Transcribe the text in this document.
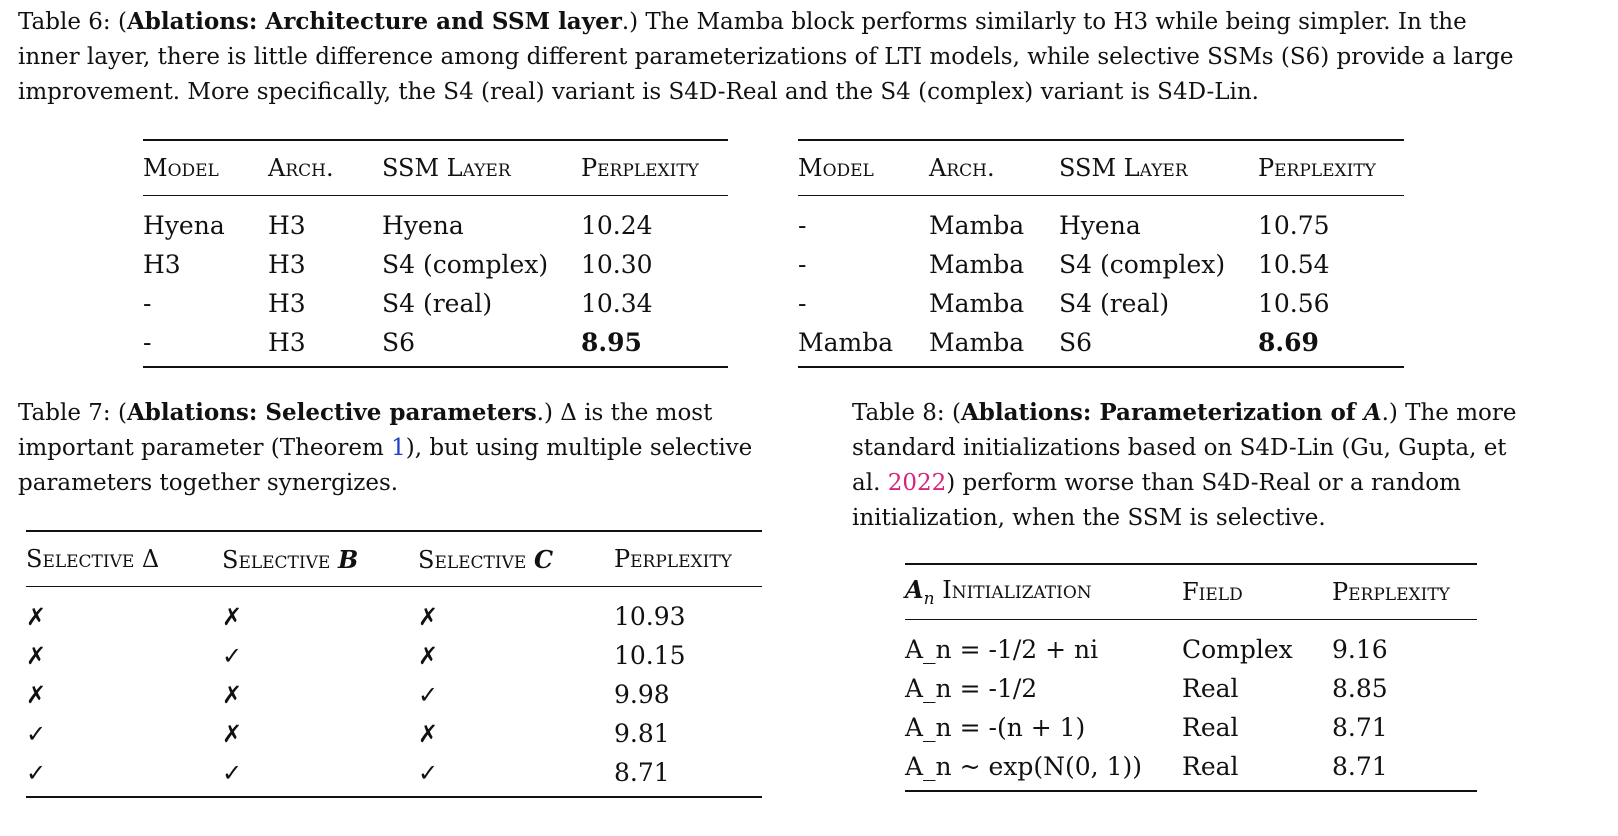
Table 6: (Ablations: Architecture and SSM layer.) The Mamba block performs similarly to H3 while being simpler. In the inner layer, there is little difference among different parameterizations of LTI models, while selective SSMs (S6) provide a large improvement. More specifically, the S4 (real) variant is S4D-Real and the S4 (complex) variant is S4D-Lin.

Model	Arch.	SSM Layer	Perplexity
Hyena	H3	Hyena	10.24
H3	H3	S4 (complex)	10.30
-	H3	S4 (real)	10.34
-	H3	S6	8.95
Model	Arch.	SSM Layer	Perplexity
-	Mamba	Hyena	10.75
-	Mamba	S4 (complex)	10.54
-	Mamba	S4 (real)	10.56
Mamba	Mamba	S6	8.69

Table 7: (Ablations: Selective parameters.) Δ is the most important parameter (Theorem 1), but using multiple selective parameters together synergizes.

Selective Δ	Selective B	Selective C	Perplexity
✗	✗	✗	10.93
✗	✓	✗	10.15
✗	✗	✓	9.98
✓	✗	✗	9.81
✓	✓	✓	8.71

Table 8: (Ablations: Parameterization of A.) The more standard initializations based on S4D-Lin (Gu, Gupta, et al. 2022) perform worse than S4D-Real or a random initialization, when the SSM is selective.

$A_n$ Initialization	Field	Perplexity
A_n = -1/2 + ni	Complex	9.16
A_n = -1/2	Real	8.85
A_n = -(n + 1)	Real	8.71
A_n ~ exp(N(0, 1))	Real	8.71
